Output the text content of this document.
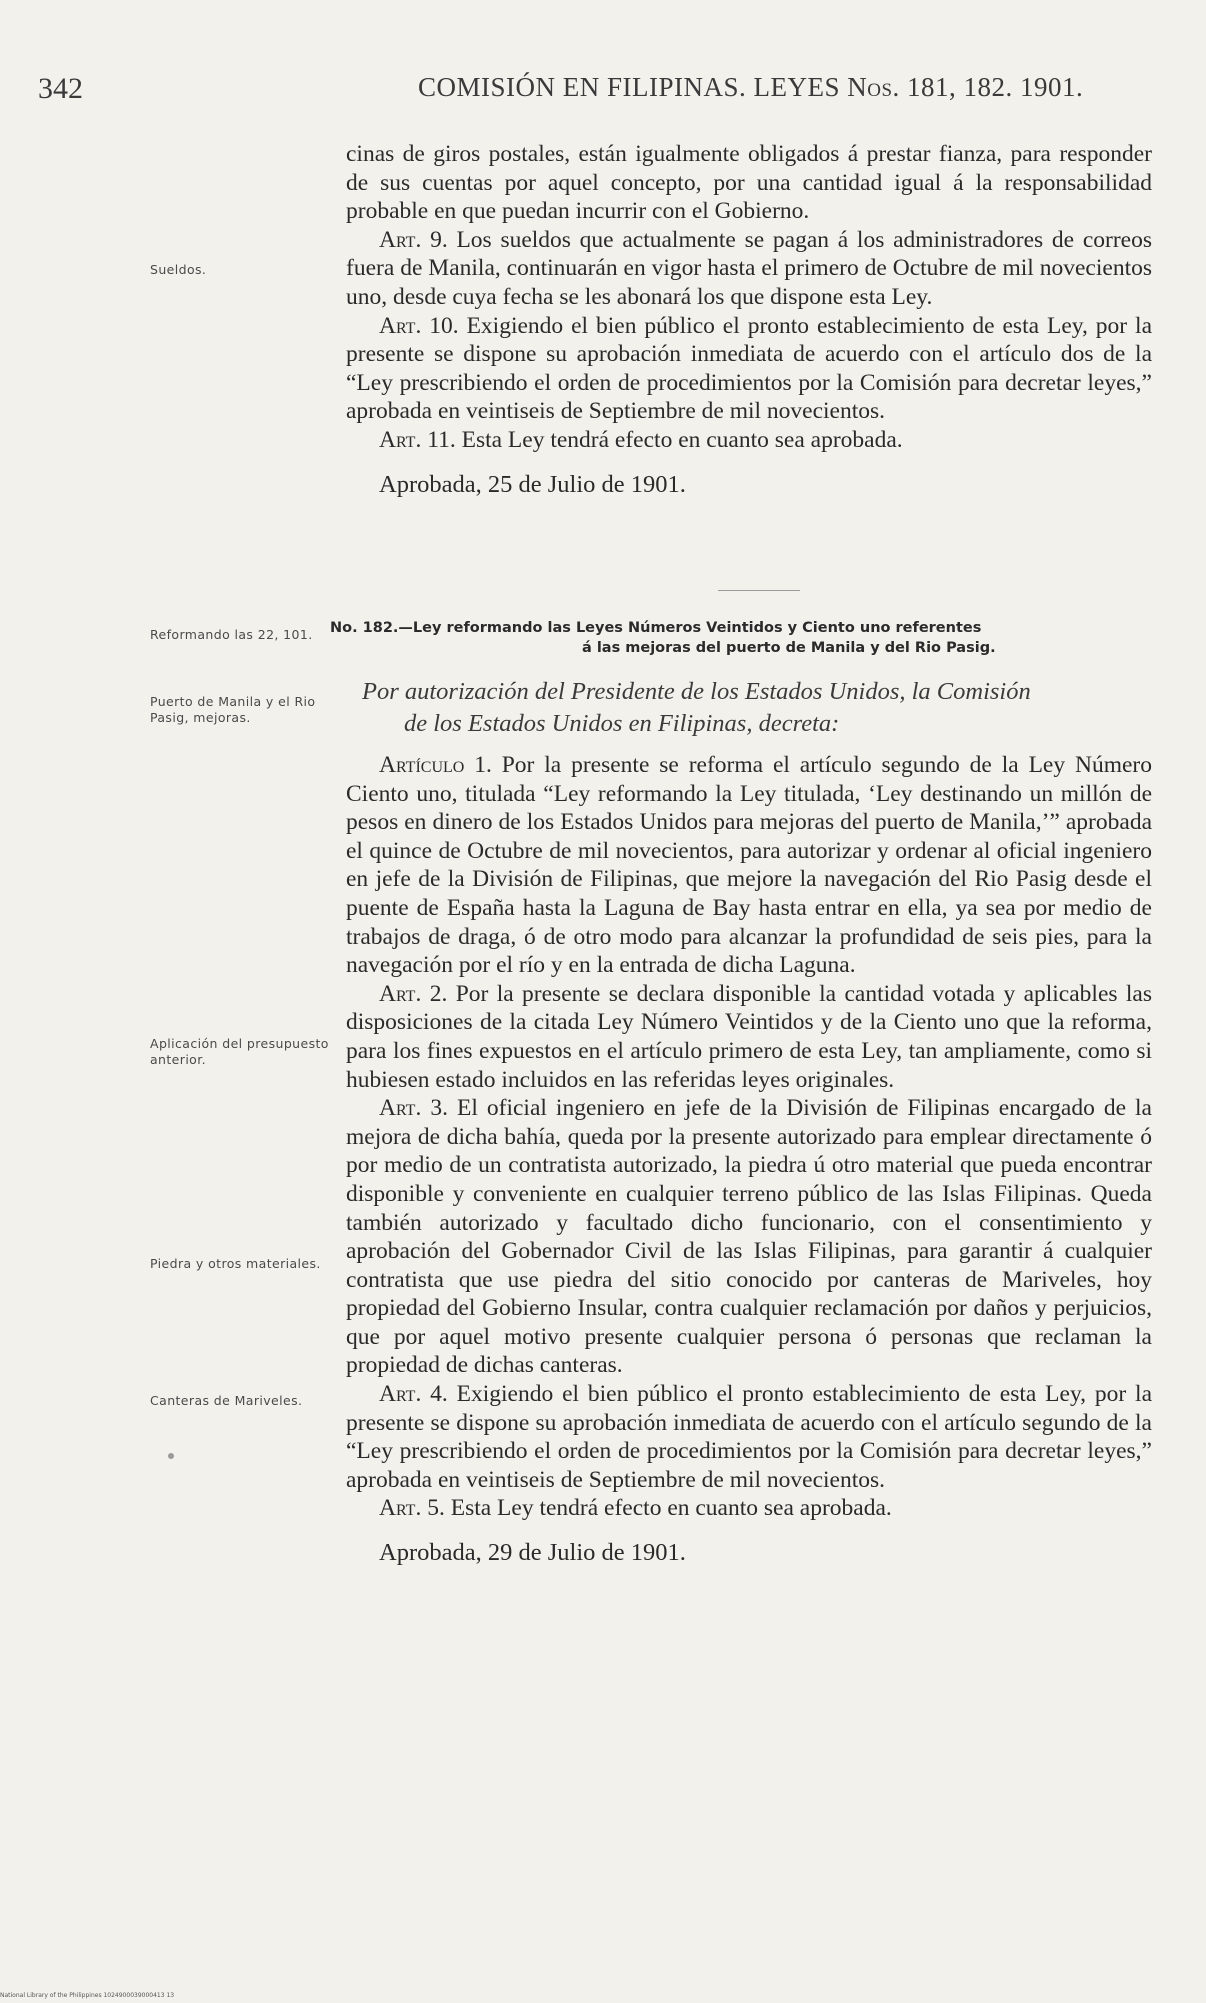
342	COMISIÓN EN FILIPINAS. LEYES Nos. 181, 182. 1901.

cinas de giros postales, están igualmente obligados á prestar fianza, para responder de sus cuentas por aquel concepto, por una cantidad igual á la responsabilidad probable en que puedan incurrir con el Gobierno.

Art. 9. Los sueldos que actualmente se pagan á los administradores de correos fuera de Manila, continuarán en vigor hasta el primero de Octubre de mil novecientos uno, desde cuya fecha se les abonará los que dispone esta Ley.

Art. 10. Exigiendo el bien público el pronto establecimiento de esta Ley, por la presente se dispone su aprobación inmediata de acuerdo con el artículo dos de la “Ley prescribiendo el orden de procedimientos por la Comisión para decretar leyes,” aprobada en veintiseis de Septiembre de mil novecientos.

Art. 11. Esta Ley tendrá efecto en cuanto sea aprobada.

Aprobada, 25 de Julio de 1901.

No. 182.—Ley reformando las Leyes Números Veintidos y Ciento uno referentes
á las mejoras del puerto de Manila y del Rio Pasig.
Por autorización del Presidente de los Estados Unidos, la Comisión
de los Estados Unidos en Filipinas, decreta:

Artículo 1. Por la presente se reforma el artículo segundo de la Ley Número Ciento uno, titulada “Ley reformando la Ley titulada, ‘Ley destinando un millón de pesos en dinero de los Estados Unidos para mejoras del puerto de Manila,’” aprobada el quince de Octubre de mil novecientos, para autorizar y ordenar al oficial ingeniero en jefe de la División de Filipinas, que mejore la navegación del Rio Pasig desde el puente de España hasta la Laguna de Bay hasta entrar en ella, ya sea por medio de trabajos de draga, ó de otro modo para alcanzar la profundidad de seis pies, para la navegación por el río y en la entrada de dicha Laguna.

Art. 2. Por la presente se declara disponible la cantidad votada y aplicables las disposiciones de la citada Ley Número Veintidos y de la Ciento uno que la reforma, para los fines expuestos en el artículo primero de esta Ley, tan ampliamente, como si hubiesen estado incluidos en las referidas leyes originales.

Art. 3. El oficial ingeniero en jefe de la División de Filipinas encargado de la mejora de dicha bahía, queda por la presente autorizado para emplear directamente ó por medio de un contratista autorizado, la piedra ú otro material que pueda encontrar disponible y conveniente en cualquier terreno público de las Islas Filipinas. Queda también autorizado y facultado dicho funcionario, con el consentimiento y aprobación del Gobernador Civil de las Islas Filipinas, para garantir á cualquier contratista que use piedra del sitio conocido por canteras de Mariveles, hoy propiedad del Gobierno Insular, contra cualquier reclamación por daños y perjuicios, que por aquel motivo presente cualquier persona ó personas que reclaman la propiedad de dichas canteras.

Art. 4. Exigiendo el bien público el pronto establecimiento de esta Ley, por la presente se dispone su aprobación inmediata de acuerdo con el artículo segundo de la “Ley prescribiendo el orden de procedimientos por la Comisión para decretar leyes,” aprobada en veintiseis de Septiembre de mil novecientos.

Art. 5. Esta Ley tendrá efecto en cuanto sea aprobada.

Aprobada, 29 de Julio de 1901.

Sueldos.
Reformando las 22, 101.
Puerto de Manila y el Rio Pasig, mejoras.
Aplicación del presupuesto anterior.
Piedra y otros materiales.
Canteras de Mariveles.
National Library of the Philippines 1024900039000413 13
